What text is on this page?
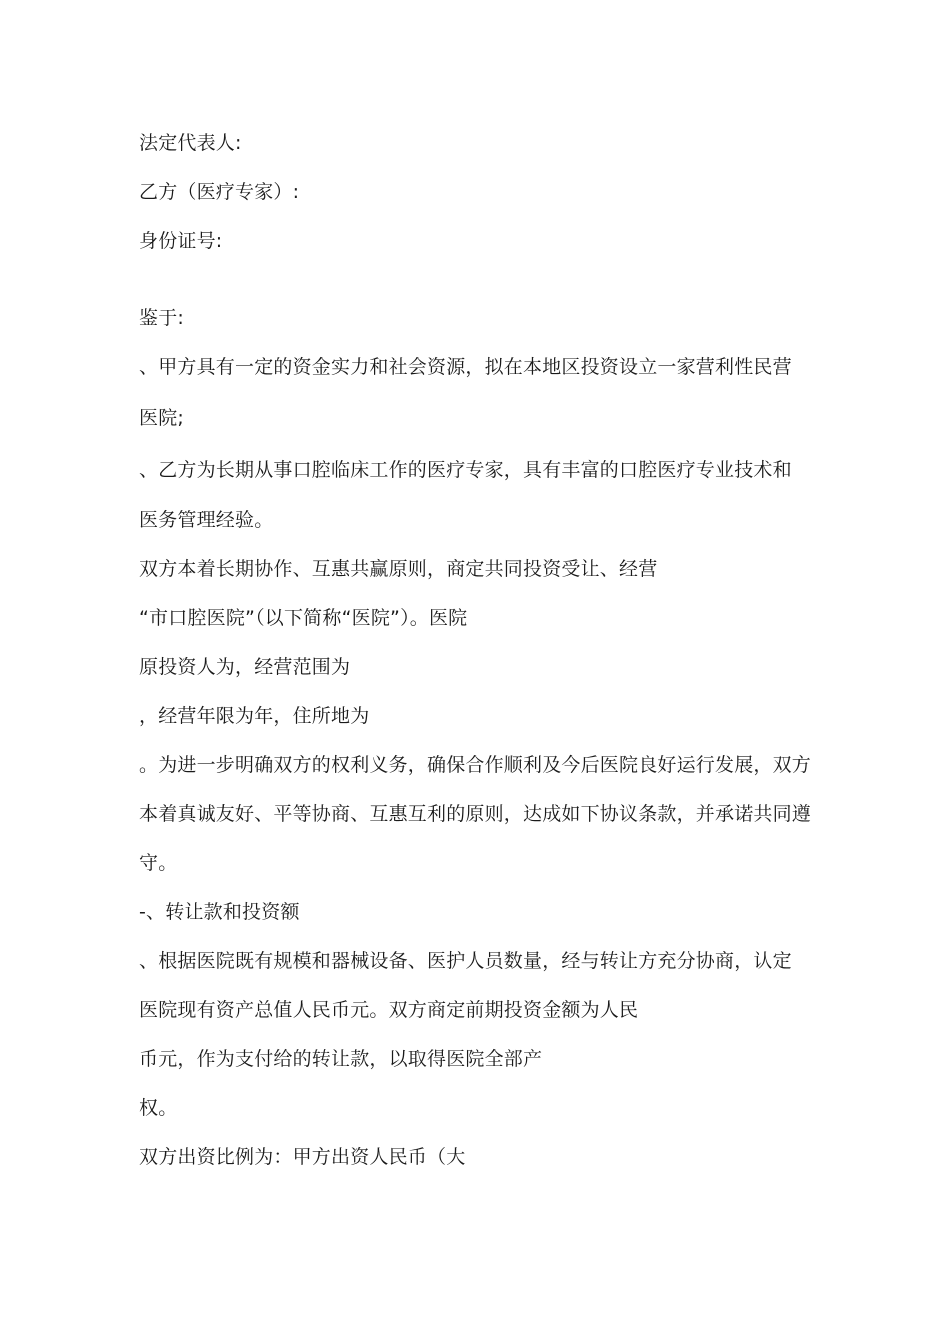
法定代表人:
乙方（医疗专家）:
身份证号:
鉴于:
、甲方具有一定的资金实力和社会资源，拟在本地区投资设立一家营利性民营
医院;
、乙方为长期从事口腔临床工作的医疗专家，具有丰富的口腔医疗专业技术和
医务管理经验。
双方本着长期协作、互惠共赢原则，商定共同投资受让、经营
“市口腔医院”（以下简称“医院”）。医院
原投资人为，经营范围为
，经营年限为年，住所地为
。为进一步明确双方的权利义务，确保合作顺利及今后医院良好运行发展，双方
本着真诚友好、平等协商、互惠互利的原则，达成如下协议条款，并承诺共同遵
守。
-、转让款和投资额
、根据医院既有规模和器械设备、医护人员数量，经与转让方充分协商，认定
医院现有资产总值人民币元。双方商定前期投资金额为人民
币元，作为支付给的转让款，以取得医院全部产
权。
双方出资比例为：甲方出资人民币（大
